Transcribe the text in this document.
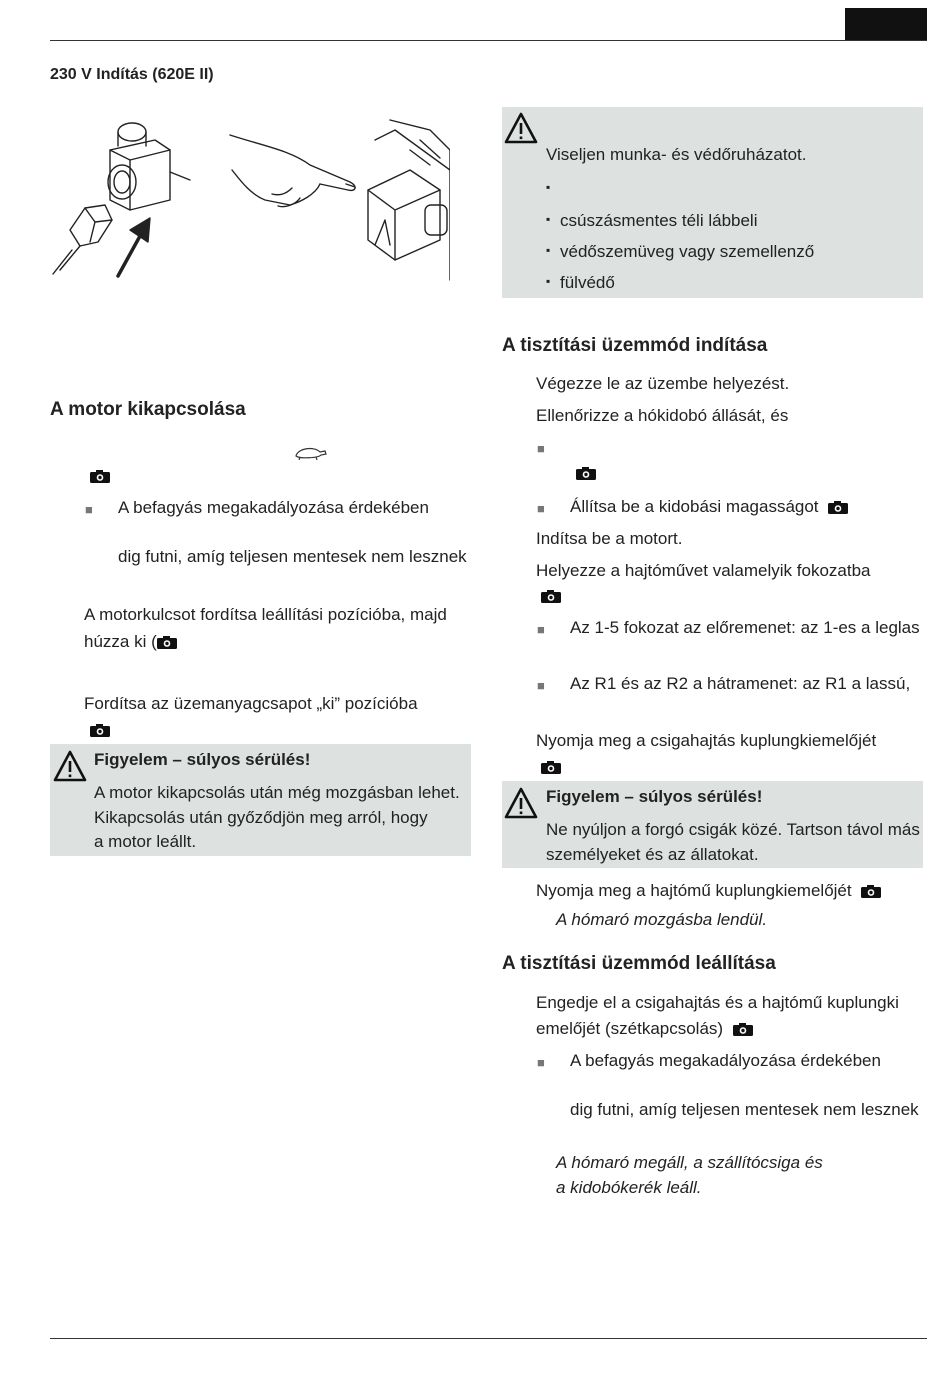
230 V Indítás (620E II)
A motor kikapcsolása
■ A befagyás megakadályozása érdekében
dig futni, amíg teljesen mentesek nem lesznek
A motorkulcsot fordítsa leállítási pozícióba, majd
húzza ki (
Fordítsa az üzemanyagcsapot „ki” pozícióba
Figyelem – súlyos sérülés!
A motor kikapcsolás után még mozgásban lehet.
Kikapcsolás után győződjön meg arról, hogy
a motor leállt.
Viseljen munka- és védőruházatot.
▪
▪ csúszásmentes téli lábbeli
▪ védőszemüveg vagy szemellenző
▪ fülvédő
A tisztítási üzemmód indítása
Végezze le az üzembe helyezést.
Ellenőrizze a hókidobó állását, és
■
■ Állítsa be a kidobási magasságot
Indítsa be a motort.
Helyezze a hajtóművet valamelyik fokozatba
■ Az 1-5 fokozat az előremenet: az 1-es a leglas
■ Az R1 és az R2 a hátramenet: az R1 a lassú,
Nyomja meg a csigahajtás kuplungkiemelőjét
Figyelem – súlyos sérülés!
Ne nyúljon a forgó csigák közé. Tartson távol más
személyeket és az állatokat.
Nyomja meg a hajtómű kuplungkiemelőjét
A hómaró mozgásba lendül.
A tisztítási üzemmód leállítása
Engedje el a csigahajtás és a hajtómű kuplungki
emelőjét (szétkapcsolás)
■ A befagyás megakadályozása érdekében
dig futni, amíg teljesen mentesek nem lesznek
A hómaró megáll, a szállítócsiga és
a kidobókerék leáll.
